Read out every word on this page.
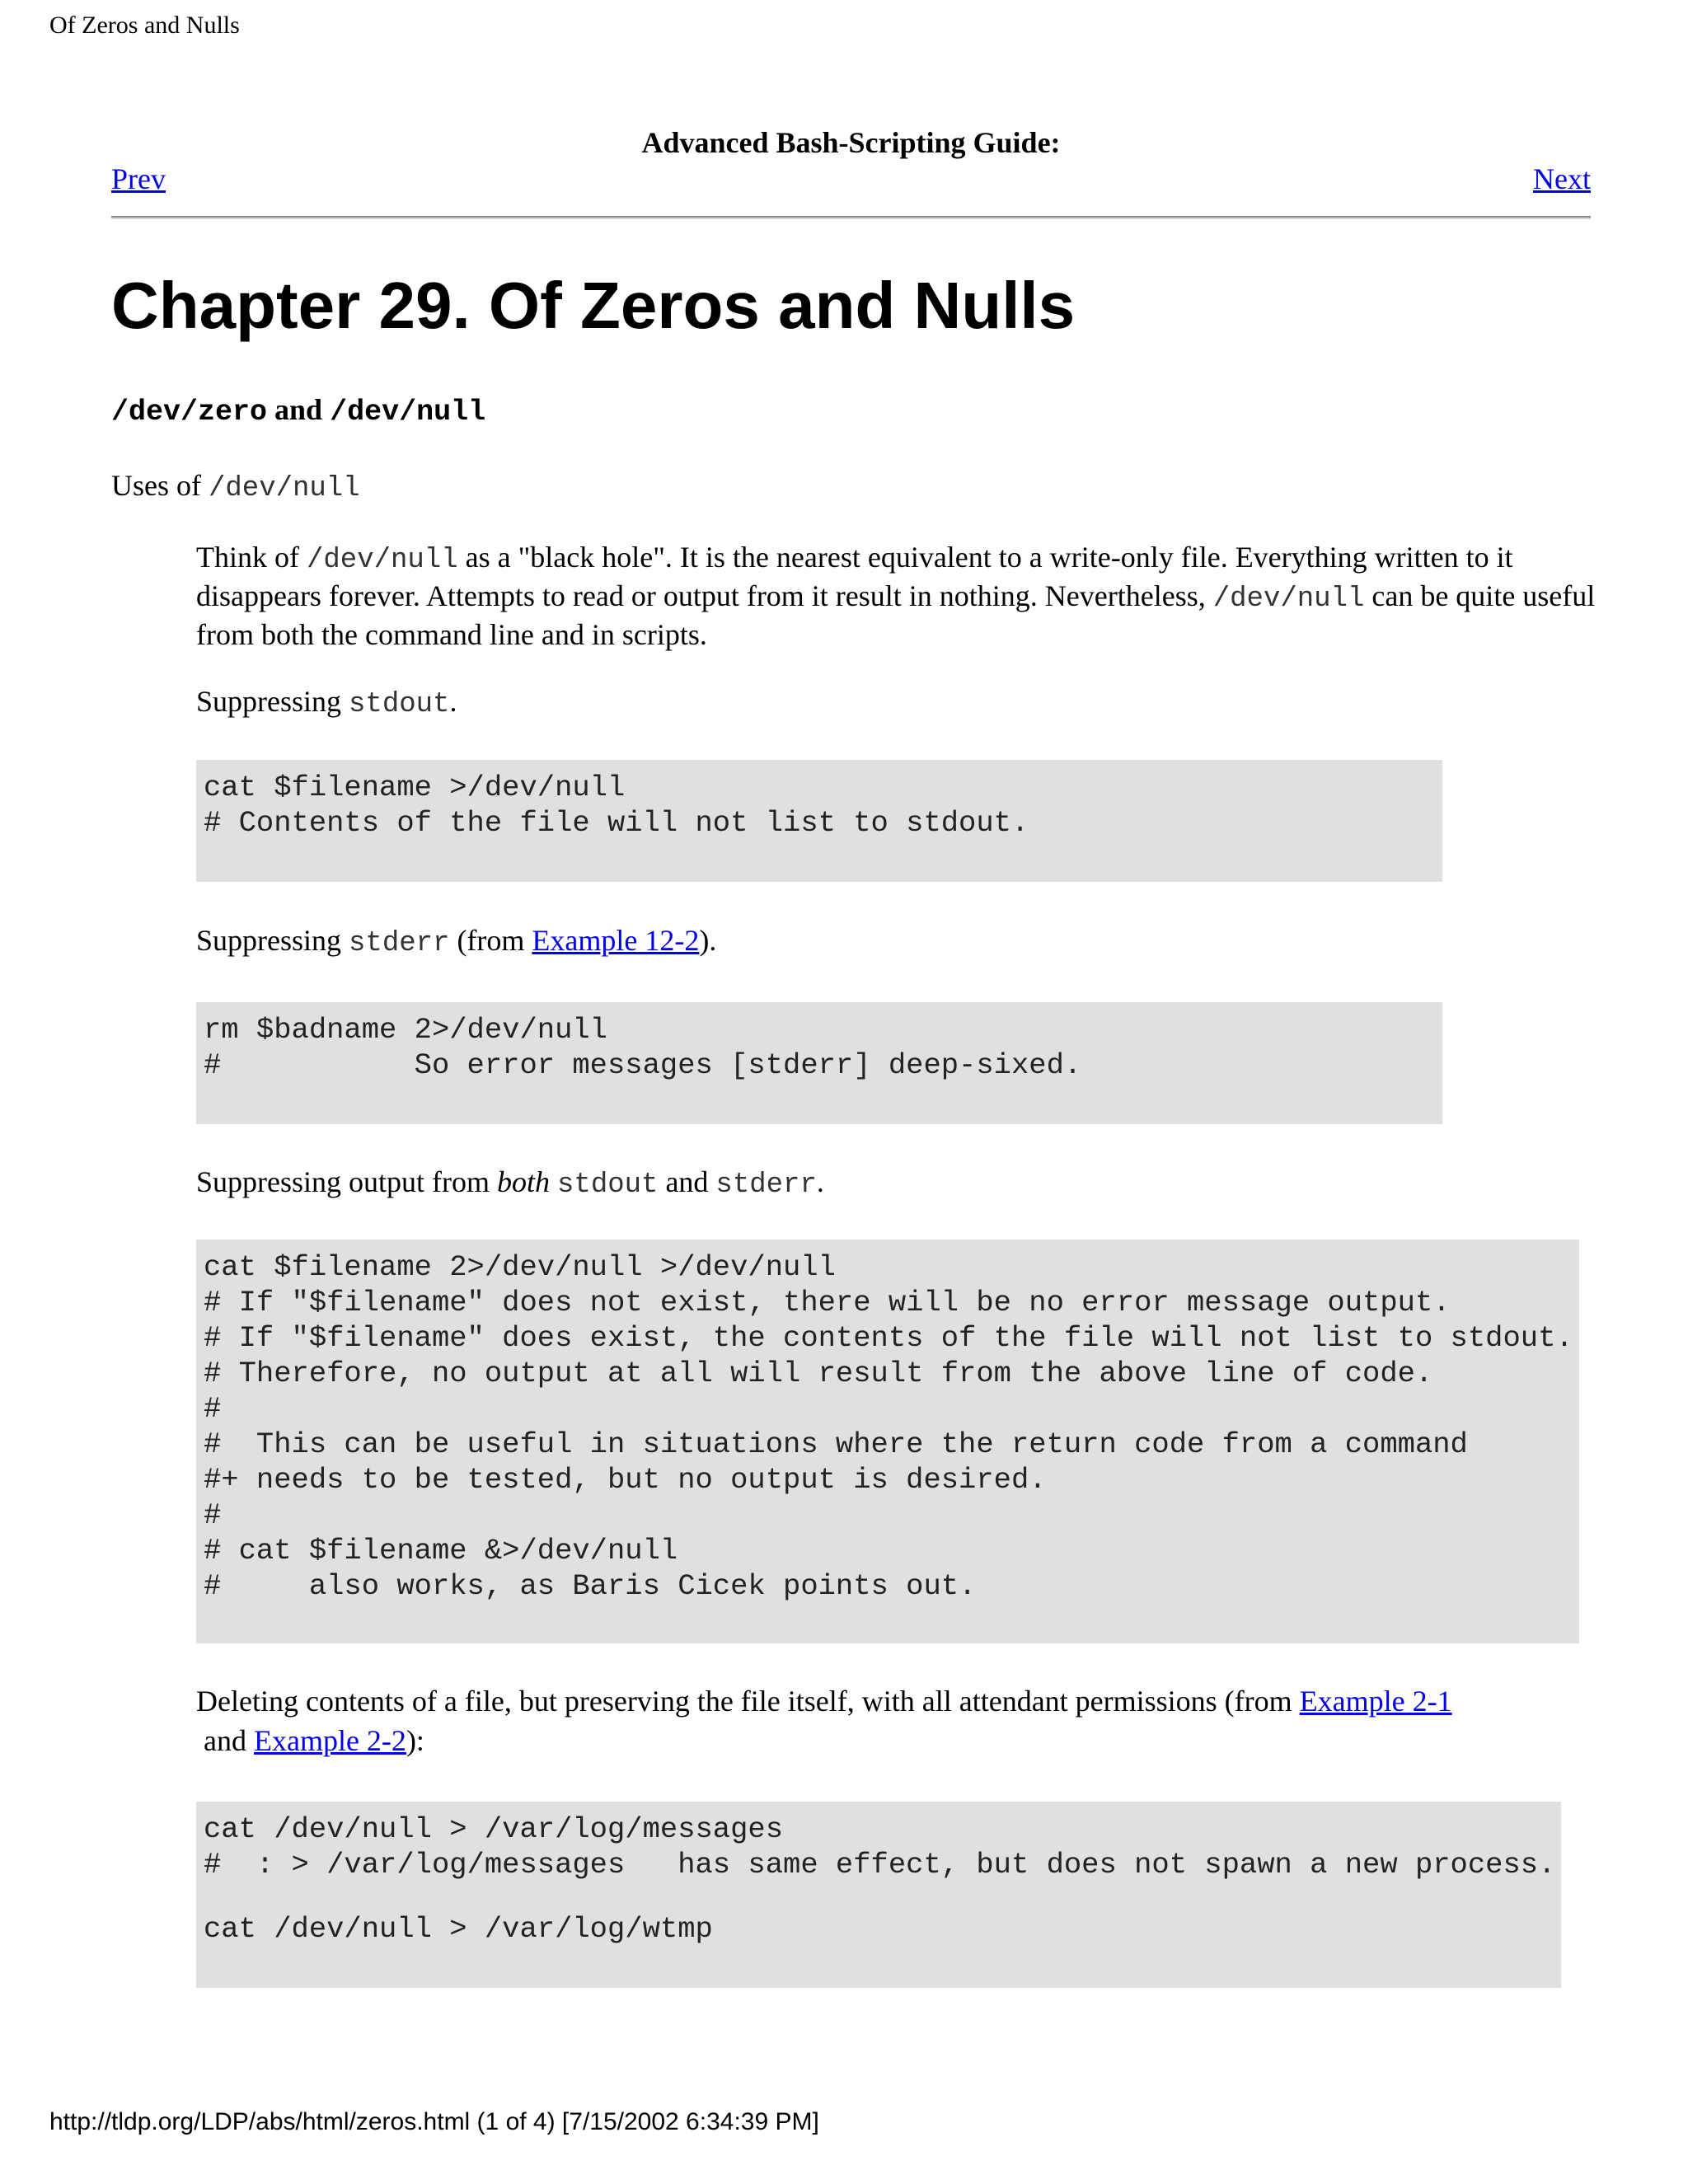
Of Zeros and Nulls
Advanced Bash-Scripting Guide:
Prev	Next
Chapter 29. Of Zeros and Nulls
/dev/zero and /dev/null

Uses of /dev/null

Think of /dev/null as a "black hole". It is the nearest equivalent to a write-only file. Everything written to it disappears forever. Attempts to read or output from it result in nothing. Nevertheless, /dev/null can be quite useful from both the command line and in scripts.

Suppressing stdout.

cat $filename >/dev/null
# Contents of the file will not list to stdout.

Suppressing stderr (from Example 12-2).

rm $badname 2>/dev/null
#           So error messages [stderr] deep-sixed.

Suppressing output from both stdout and stderr.

cat $filename 2>/dev/null >/dev/null
# If "$filename" does not exist, there will be no error message output.
# If "$filename" does exist, the contents of the file will not list to stdout.
# Therefore, no output at all will result from the above line of code.
#
#  This can be useful in situations where the return code from a command
#+ needs to be tested, but no output is desired.
#
# cat $filename &>/dev/null
#     also works, as Baris Cicek points out.

Deleting contents of a file, but preserving the file itself, with all attendant permissions (from Example 2-1 and Example 2-2):

cat /dev/null > /var/log/messages
#  : > /var/log/messages   has same effect, but does not spawn a new process.
cat /dev/null > /var/log/wtmp
http://tldp.org/LDP/abs/html/zeros.html (1 of 4) [7/15/2002 6:34:39 PM]
